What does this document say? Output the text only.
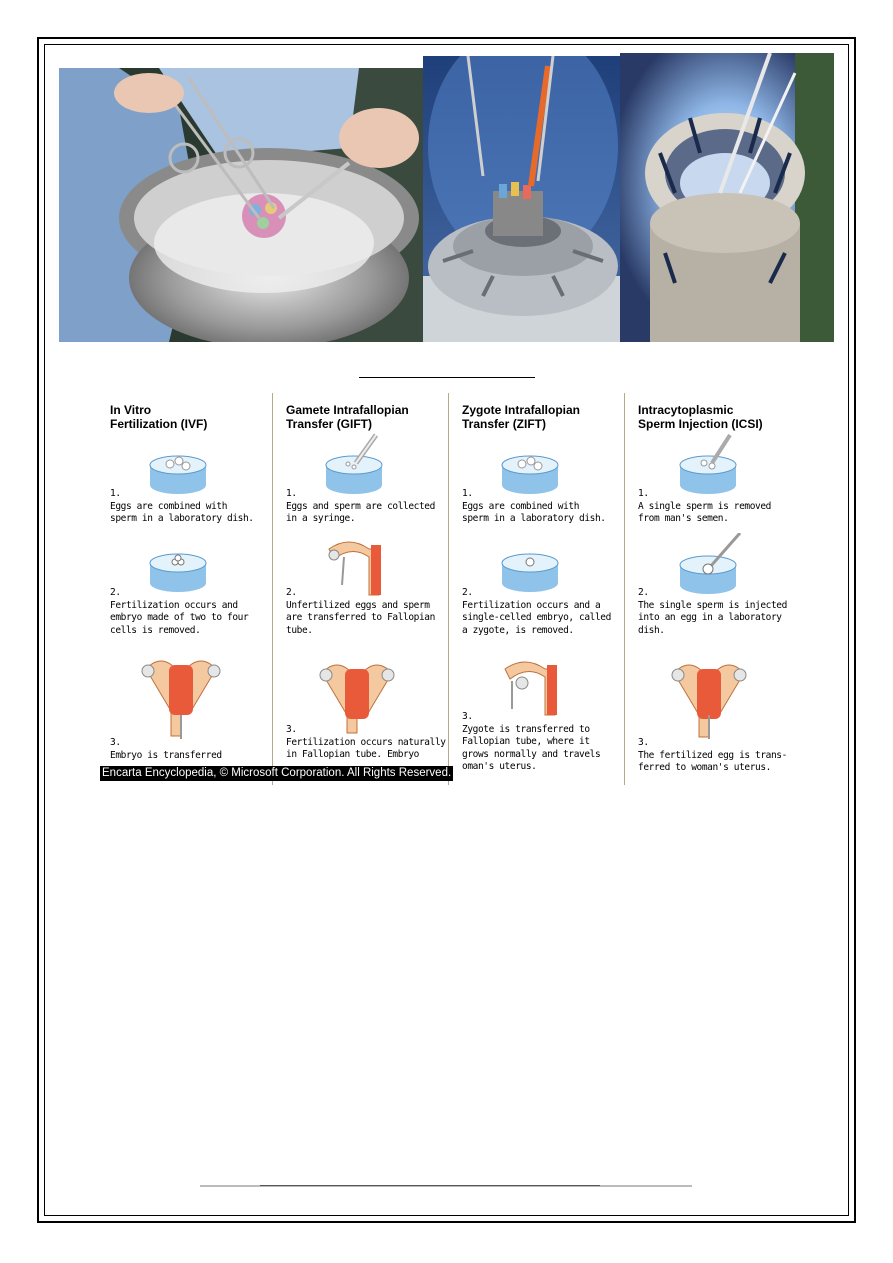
In Vitro
Fertilization (IVF)
1.
Eggs are combined with
sperm in a laboratory dish.
2.
Fertilization occurs and
embryo made of two to four
cells is removed.
3.
Embryo is transferred
Gamete Intrafallopian
Transfer (GIFT)
1.
Eggs and sperm are collected
in a syringe.
2.
Unfertilized eggs and sperm
are transferred to Fallopian
tube.
3.
Fertilization occurs naturally
in Fallopian tube. Embryo
Zygote Intrafallopian
Transfer (ZIFT)
1.
Eggs are combined with
sperm in a laboratory dish.
2.
Fertilization occurs and a
single-celled embryo, called
a zygote, is removed.
3.
Zygote is transferred to
Fallopian tube, where it
grows normally and travels
oman's uterus.
Intracytoplasmic
Sperm Injection (ICSI)
1.
A single sperm is removed
from man's semen.
2.
The single sperm is injected
into an egg in a laboratory
dish.
3.
The fertilized egg is trans-
ferred to woman's uterus.
Encarta Encyclopedia, © Microsoft Corporation. All Rights Reserved.
